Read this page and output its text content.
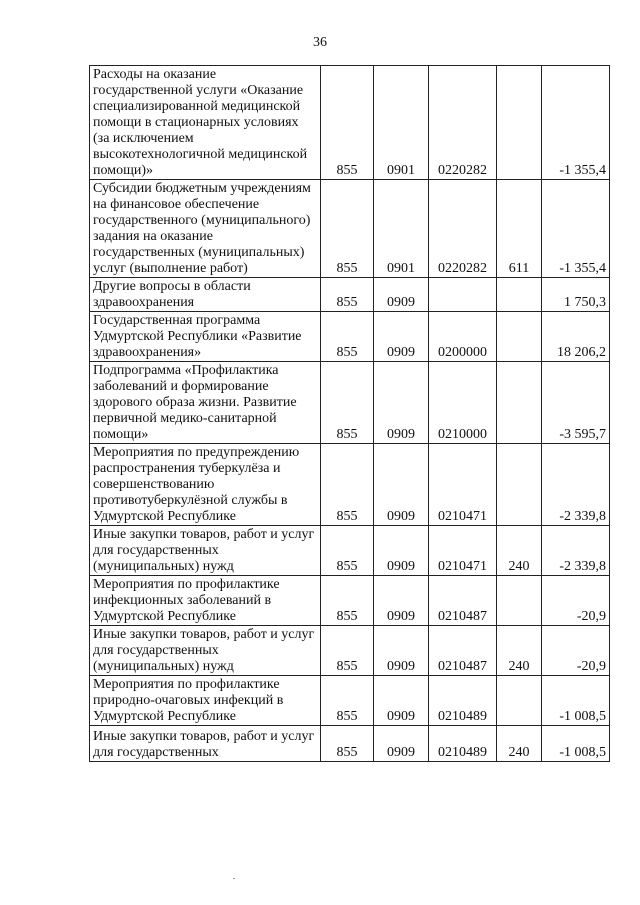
36
Расходы на оказание государственной услуги «Оказание специализированной медицинской помощи в стационарных условиях (за исключением высокотехнологичной медицинской помощи)»	855	0901	0220282		-1 355,4
Субсидии бюджетным учреждениям на финансовое обеспечение государственного (муниципального) задания на оказание государственных (муниципальных) услуг (выполнение работ)	855	0901	0220282	611	-1 355,4
Другие вопросы в области здравоохранения	855	0909			1 750,3
Государственная программа Удмуртской Республики «Развитие здравоохранения»	855	0909	0200000		18 206,2
Подпрограмма «Профилактика заболеваний и формирование здорового образа жизни. Развитие первичной медико-санитарной помощи»	855	0909	0210000		-3 595,7
Мероприятия по предупреждению распространения туберкулёза и совершенствованию противотуберкулёзной службы в Удмуртской Республике	855	0909	0210471		-2 339,8
Иные закупки товаров, работ и услуг для государственных (муниципальных) нужд	855	0909	0210471	240	-2 339,8
Мероприятия по профилактике инфекционных заболеваний в Удмуртской Республике	855	0909	0210487		-20,9
Иные закупки товаров, работ и услуг для государственных (муниципальных) нужд	855	0909	0210487	240	-20,9
Мероприятия по профилактике природно-очаговых инфекций в Удмуртской Республике	855	0909	0210489		-1 008,5
Иные закупки товаров, работ и услуг для государственных	855	0909	0210489	240	-1 008,5
